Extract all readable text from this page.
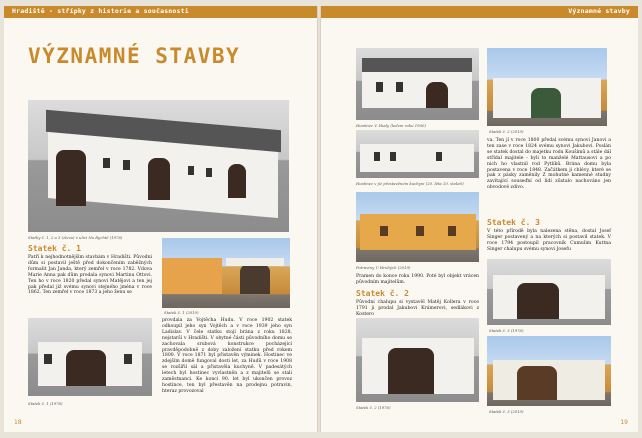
Hradiště - střípky z historie a současnosti
VÝZNAMNÉ STAVBY
Statky č. 1, 2 a 3 (zleva) v ulici Na Rychtě (1976)
Statek č. 1
Patří k nejhodnotnějším stavbám v Hradišti. Původní dům si postavil ještě před dokončením zaběžných formalit Jan Janda, který zemřel v roce 1782. Vdova Marie Anna pak dům prodala synovi Martinu Ottovi. Ten ho v roce 1820 předal synovi Matějovi a ten jej pak předal již svému synovi stejného jména v roce 1862. Ten zemřel v roce 1873 a jeho ženu se
Statek č. 1 (2019)
Statek č. 1 (1978)
provdala za Vojtěcha Hudu. V roce 1902 statek odkoupil jeho syn Vojtěch a v roce 1939 jeho syn Ladislav. V čele statku stojí brána z roku 1828, nejstarší v Hradišti. V obytné části původního domu se zachovala srubová konstrukce pocházející pravděpodobně z doby založení statku před rokem 1800. V roce 1871 byl přistavěn výminek. Hostinec ve zdejším domě fungoval dosti let, za Hudů v roce 1908 se rozšířil sál a přistavěla kuchyně. V padesátých letech byl hostinec vyvlastněn a z majitelů se stali zaměstnanci. Ke konci 90. let byl ukončen provoz hostince, ten byl přestavěn na prodejnu potravin, hteraz provozoval
18
Významné stavby
Hostinec V. Hudy (kolem roku 1900)
Hostinec v již přestavěném kuchyni (20. léta 20. století)
Potraviny U Hrubých (2019)
Pramen do konce roku 1990. Poté byl objekt vrácen původním majitelům.
Statek č. 2
Původní chalupu si vystavěl Matěj Kollera v roce 1791 ji prodal Jakubovi Krámerovi, sedlákovi z Kostero
Statek č. 2 (1976)
Statek č. 2 (2019)
va. Ten jí v roce 1800 předal svému synovi Janovi a ten zase v roce 1824 svému synovi Jakubovi. Poslán se statek dostal do majetku rodu Koušímů a stále dál střídal majitele - byli to manželé Mattausovi a po nich ho vlastnil rod Pytlíků. Brána domu byla postavena v roce 1848. Začátkem ji chlévy, které se pak z pásky zaměnily Z mohutné kamenné studny zavítající souseďní od lidí zůstalo nachováno jen obvodové zdivo.
Statek č. 3
V této přírodě byla nalezena stěna, dostal Josef Singer postavený a na kterých si postavil statek. V roce 1794 postoupil pracovník Cumulim Kuttna Singer chalupu svému synovi Josefu
Statek č. 3 (1976)
Statek č. 3 (2019)
19
